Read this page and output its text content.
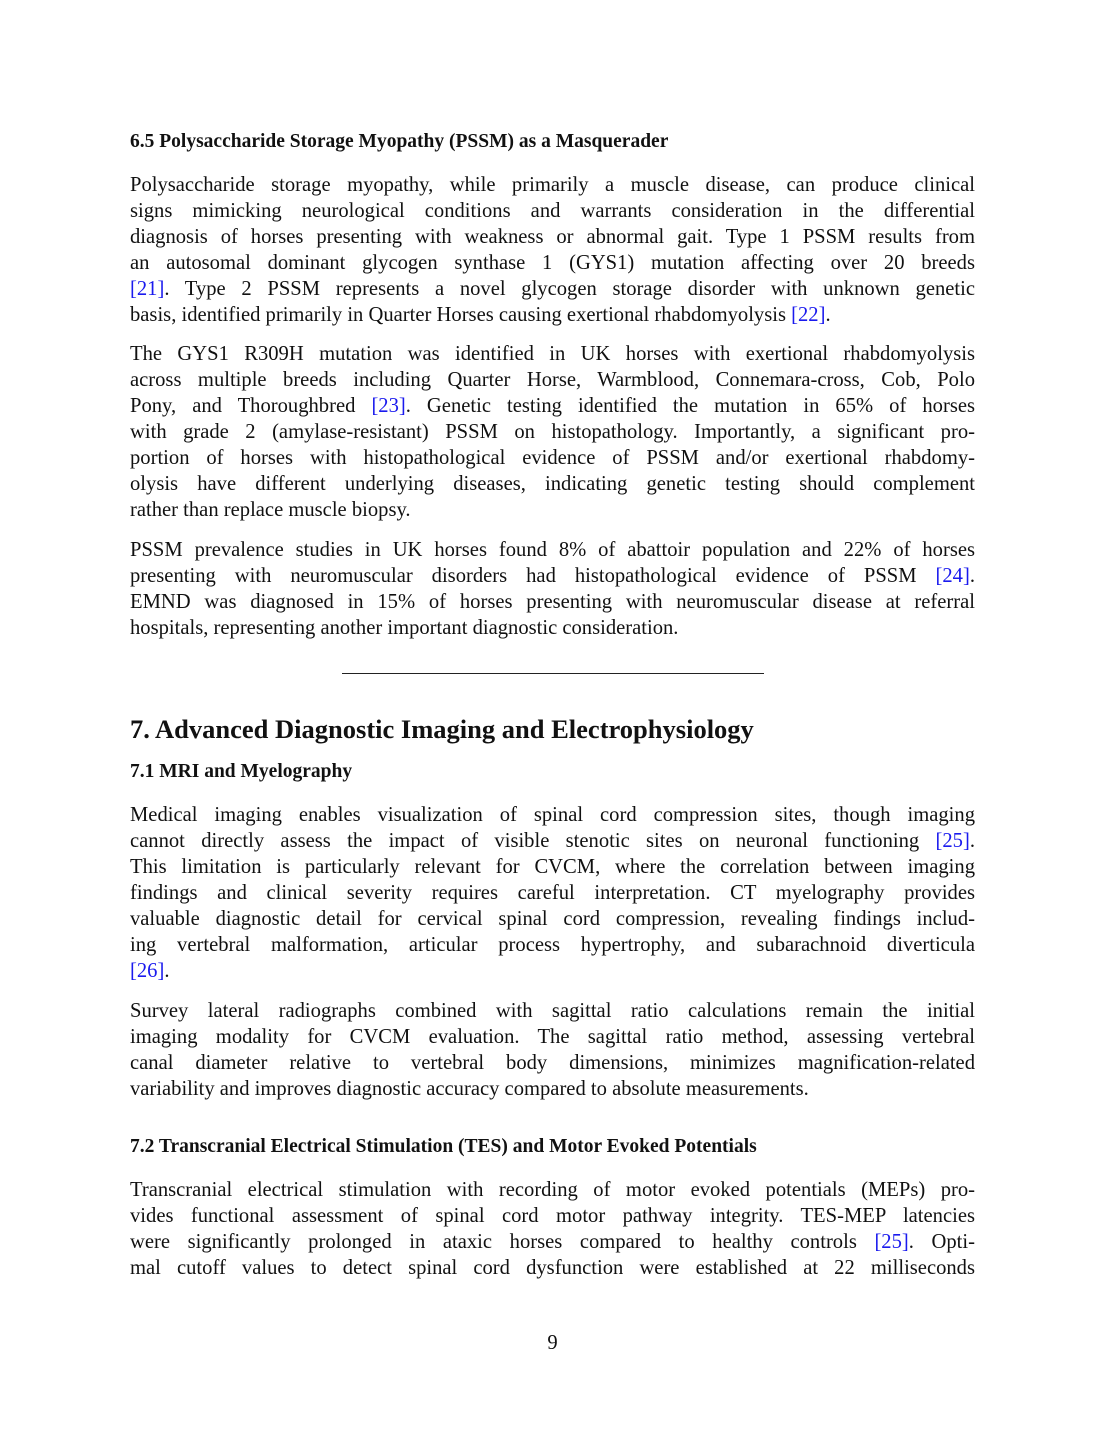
6.5 Polysaccharide Storage Myopathy (PSSM) as a Masquerader
Polysaccharide storage myopathy, while primarily a muscle disease, can produce clinical
signs mimicking neurological conditions and warrants consideration in the differential
diagnosis of horses presenting with weakness or abnormal gait. Type 1 PSSM results from
an autosomal dominant glycogen synthase 1 (GYS1) mutation affecting over 20 breeds
[21]. Type 2 PSSM represents a novel glycogen storage disorder with unknown genetic
basis, identified primarily in Quarter Horses causing exertional rhabdomyolysis [22].
The GYS1 R309H mutation was identified in UK horses with exertional rhabdomyolysis
across multiple breeds including Quarter Horse, Warmblood, Connemara-cross, Cob, Polo
Pony, and Thoroughbred [23]. Genetic testing identified the mutation in 65% of horses
with grade 2 (amylase-resistant) PSSM on histopathology. Importantly, a significant pro-
portion of horses with histopathological evidence of PSSM and/or exertional rhabdomy-
olysis have different underlying diseases, indicating genetic testing should complement
rather than replace muscle biopsy.
PSSM prevalence studies in UK horses found 8% of abattoir population and 22% of horses
presenting with neuromuscular disorders had histopathological evidence of PSSM [24].
EMND was diagnosed in 15% of horses presenting with neuromuscular disease at referral
hospitals, representing another important diagnostic consideration.
7. Advanced Diagnostic Imaging and Electrophysiology
7.1 MRI and Myelography
Medical imaging enables visualization of spinal cord compression sites, though imaging
cannot directly assess the impact of visible stenotic sites on neuronal functioning [25].
This limitation is particularly relevant for CVCM, where the correlation between imaging
findings and clinical severity requires careful interpretation. CT myelography provides
valuable diagnostic detail for cervical spinal cord compression, revealing findings includ-
ing vertebral malformation, articular process hypertrophy, and subarachnoid diverticula
[26].
Survey lateral radiographs combined with sagittal ratio calculations remain the initial
imaging modality for CVCM evaluation. The sagittal ratio method, assessing vertebral
canal diameter relative to vertebral body dimensions, minimizes magnification-related
variability and improves diagnostic accuracy compared to absolute measurements.
7.2 Transcranial Electrical Stimulation (TES) and Motor Evoked Potentials
Transcranial electrical stimulation with recording of motor evoked potentials (MEPs) pro-
vides functional assessment of spinal cord motor pathway integrity. TES-MEP latencies
were significantly prolonged in ataxic horses compared to healthy controls [25]. Opti-
mal cutoff values to detect spinal cord dysfunction were established at 22 milliseconds
9
